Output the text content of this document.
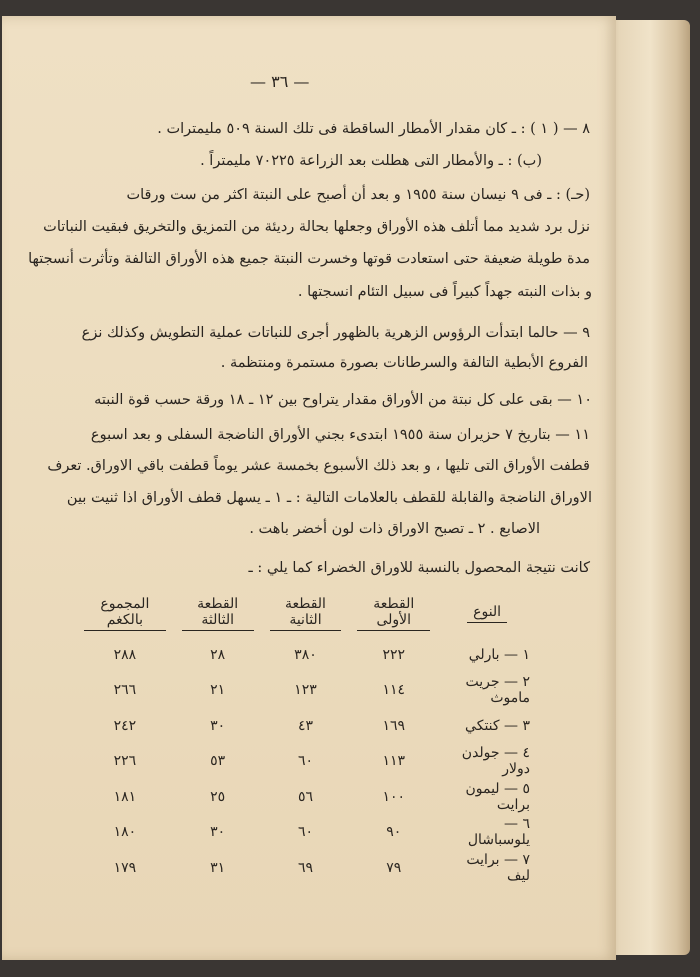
— ٣٦ —
٨ — ( ١ ) : ـ كان مقدار الأمطار الساقطة فى تلك السنة ٥٠٩ مليمترات .
(ب) : ـ والأمطار التى هطلت بعد الزراعة ٧٠٢٢٥ مليمتراً .
(حـ) : ـ فى ٩ نيسان سنة ١٩٥٥ و بعد أن أصبح على النبتة اكثر من ست ورقات
نزل برد شديد مما أتلف هذه الأوراق وجعلها بحالة رديئة من التمزيق والتخريق فبقيت النباتات
مدة طويلة ضعيفة حتى استعادت قوتها وخسرت النبتة جميع هذه الأوراق التالفة وتأثرت أنسجتها
و بذات النبته جهداً كبيراً فى سبيل التئام انسجتها .
٩ — حالما ابتدأت الرؤوس الزهرية بالظهور أجرى للنباتات عملية التطويش وكذلك نزع
الفروع الأبطية التالفة والسرطانات بصورة مستمرة ومنتظمة .
١٠ — بقى على كل نبتة من الأوراق مقدار يتراوح بين ١٢ ـ ١٨ ورقة حسب قوة النبته
١١ — بتاريخ ٧ حزيران سنة ١٩٥٥ ابتدىء بجني الأوراق الناضجة السفلى و بعد اسبوع
قطفت الأوراق التى تليها ، و بعد ذلك الأسبوع بخمسة عشر يوماً قطفت باقي الاوراق. تعرف
الاوراق الناضجة والقابلة للقطف بالعلامات التالية : ـ ١ ـ يسهل قطف الأوراق اذا ثنيت بين
الاصابع . ٢ ـ تصبح الاوراق ذات لون أخضر باهت .
كانت نتيجة المحصول بالنسبة للاوراق الخضراء كما يلي : ـ
النوع	القطعة الأولى	القطعة الثانية	القطعة الثالثة	المجموع بالكغم
١ — بارلي	٢٢٢	٣٨٠	٢٨	٢٨٨
٢ — جريت ماموث	١١٤	١٢٣	٢١	٢٦٦
٣ — كنتكي	١٦٩	٤٣	٣٠	٢٤٢
٤ — جولدن دولار	١١٣	٦٠	٥٣	٢٢٦
٥ — ليمون برايت	١٠٠	٥٦	٢٥	١٨١
٦ — يلوسباشال	٩٠	٦٠	٣٠	١٨٠
٧ — برايت ليف	٧٩	٦٩	٣١	١٧٩
